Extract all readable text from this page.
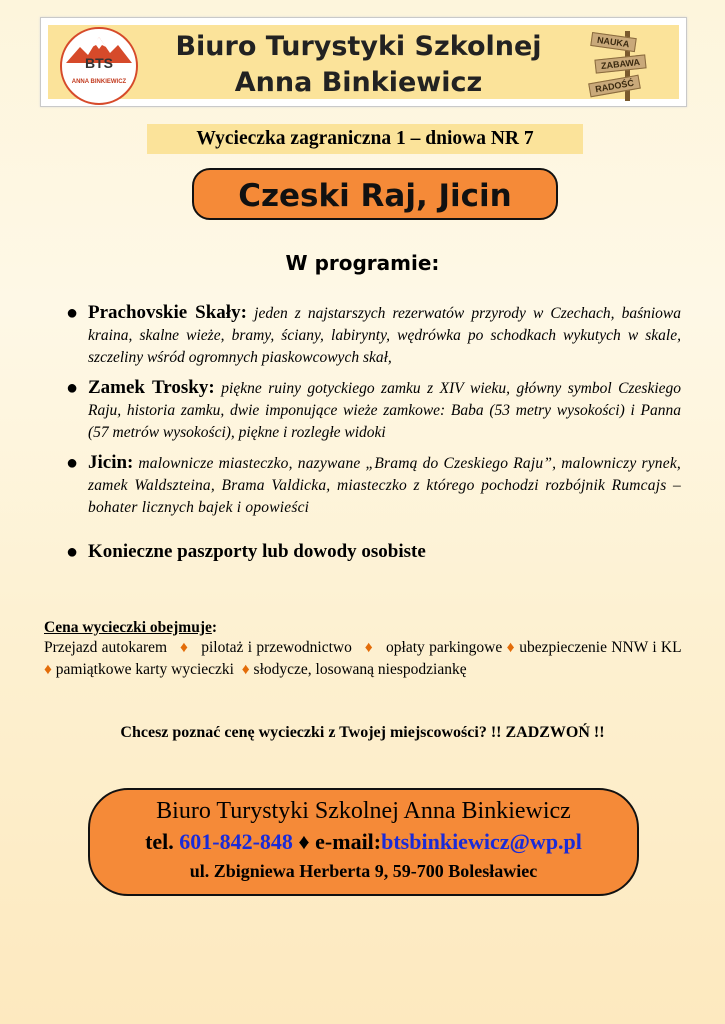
BTS
ANNA BINKIEWICZ
Biuro Turystyki Szkolnej
Anna Binkiewicz
NAUKA
ZABAWA
RADOŚĆ
Wycieczka zagraniczna 1 – dniowa NR 7
Czeski Raj, Jicin
W programie:
● Prachovskie Skały: jeden z najstarszych rezerwatów przyrody w Czechach, baśniowa kraina, skalne wieże, bramy, ściany, labirynty, wędrówka po schodkach wykutych w skale, szczeliny wśród ogromnych piaskowcowych skał,
● Zamek Trosky: piękne ruiny gotyckiego zamku z XIV wieku, główny symbol Czeskiego Raju, historia zamku, dwie imponujące wieże zamkowe: Baba (53 metry wysokości) i Panna (57 metrów wysokości), piękne i rozległe widoki
● Jicin: malownicze miasteczko, nazywane „Bramą do Czeskiego Raju”, malowniczy rynek, zamek Waldszteina, Brama Valdicka, miasteczko z którego pochodzi rozbójnik Rumcajs – bohater licznych bajek i opowieści
● Konieczne paszporty lub dowody osobiste
Cena wycieczki obejmuje:
Przejazd autokarem ♦ pilotaż i przewodnictwo ♦ opłaty parkingowe ♦ ubezpieczenie NNW i KL ♦ pamiątkowe karty wycieczki ♦ słodycze, losowaną niespodziankę
Chcesz poznać cenę wycieczki z Twojej miejscowości? !! ZADZWOŃ !!
Biuro Turystyki Szkolnej Anna Binkiewicz
tel. 601-842-848 ♦ e-mail:btsbinkiewicz@wp.pl
ul. Zbigniewa Herberta 9, 59-700 Bolesławiec
